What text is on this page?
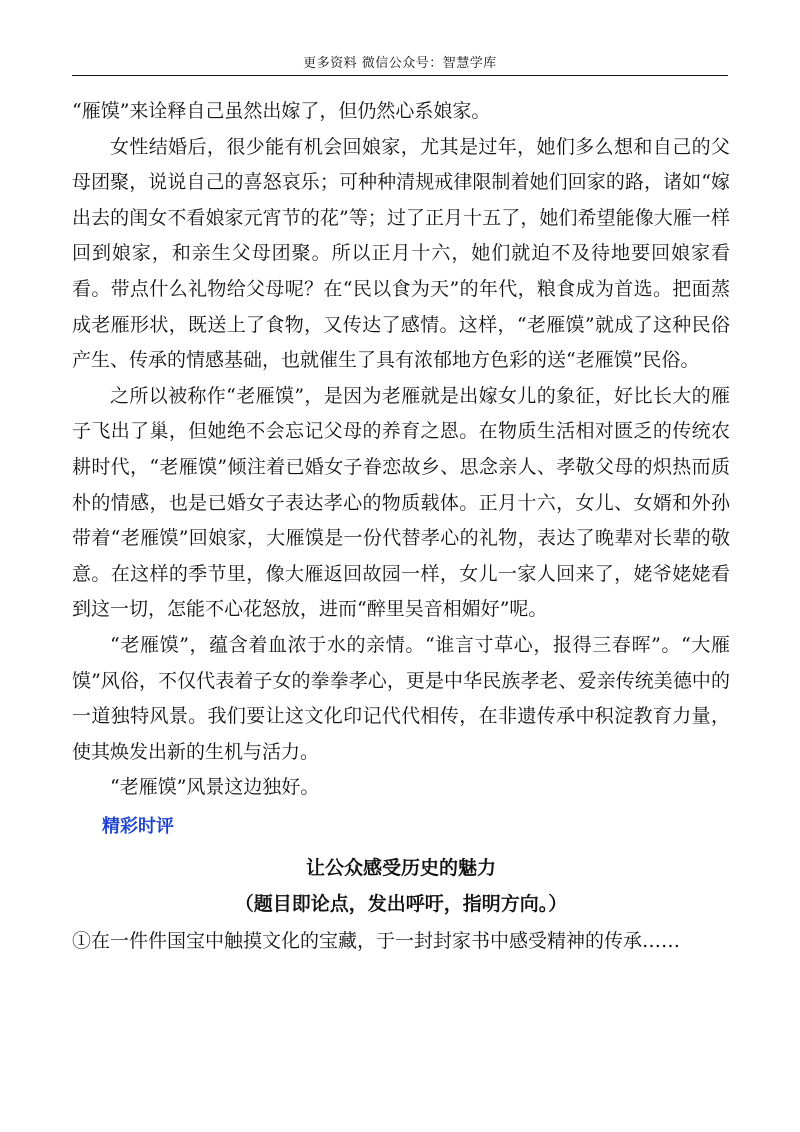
更多资料 微信公众号：智慧学库

“雁馍”来诠释自己虽然出嫁了，但仍然心系娘家。

女性结婚后，很少能有机会回娘家，尤其是过年，她们多么想和自己的父母团聚，说说自己的喜怒哀乐；可种种清规戒律限制着她们回家的路，诸如“嫁出去的闺女不看娘家元宵节的花”等；过了正月十五了，她们希望能像大雁一样回到娘家，和亲生父母团聚。所以正月十六，她们就迫不及待地要回娘家看看。带点什么礼物给父母呢？在“民以食为天”的年代，粮食成为首选。把面蒸成老雁形状，既送上了食物，又传达了感情。这样，“老雁馍”就成了这种民俗产生、传承的情感基础，也就催生了具有浓郁地方色彩的送“老雁馍”民俗。

之所以被称作“老雁馍”，是因为老雁就是出嫁女儿的象征，好比长大的雁子飞出了巢，但她绝不会忘记父母的养育之恩。在物质生活相对匮乏的传统农耕时代，“老雁馍”倾注着已婚女子眷恋故乡、思念亲人、孝敬父母的炽热而质朴的情感，也是已婚女子表达孝心的物质载体。正月十六，女儿、女婿和外孙带着“老雁馍”回娘家，大雁馍是一份代替孝心的礼物，表达了晚辈对长辈的敬意。在这样的季节里，像大雁返回故园一样，女儿一家人回来了，姥爷姥姥看到这一切，怎能不心花怒放，进而“醉里吴音相媚好”呢。

“老雁馍”，蕴含着血浓于水的亲情。“谁言寸草心，报得三春晖”。“大雁馍”风俗，不仅代表着子女的拳拳孝心，更是中华民族孝老、爱亲传统美德中的一道独特风景。我们要让这文化印记代代相传，在非遗传承中积淀教育力量，使其焕发出新的生机与活力。

“老雁馍”风景这边独好。

精彩时评
让公众感受历史的魅力
（题目即论点，发出呼吁，指明方向。）

①在一件件国宝中触摸文化的宝藏，于一封封家书中感受精神的传承……
